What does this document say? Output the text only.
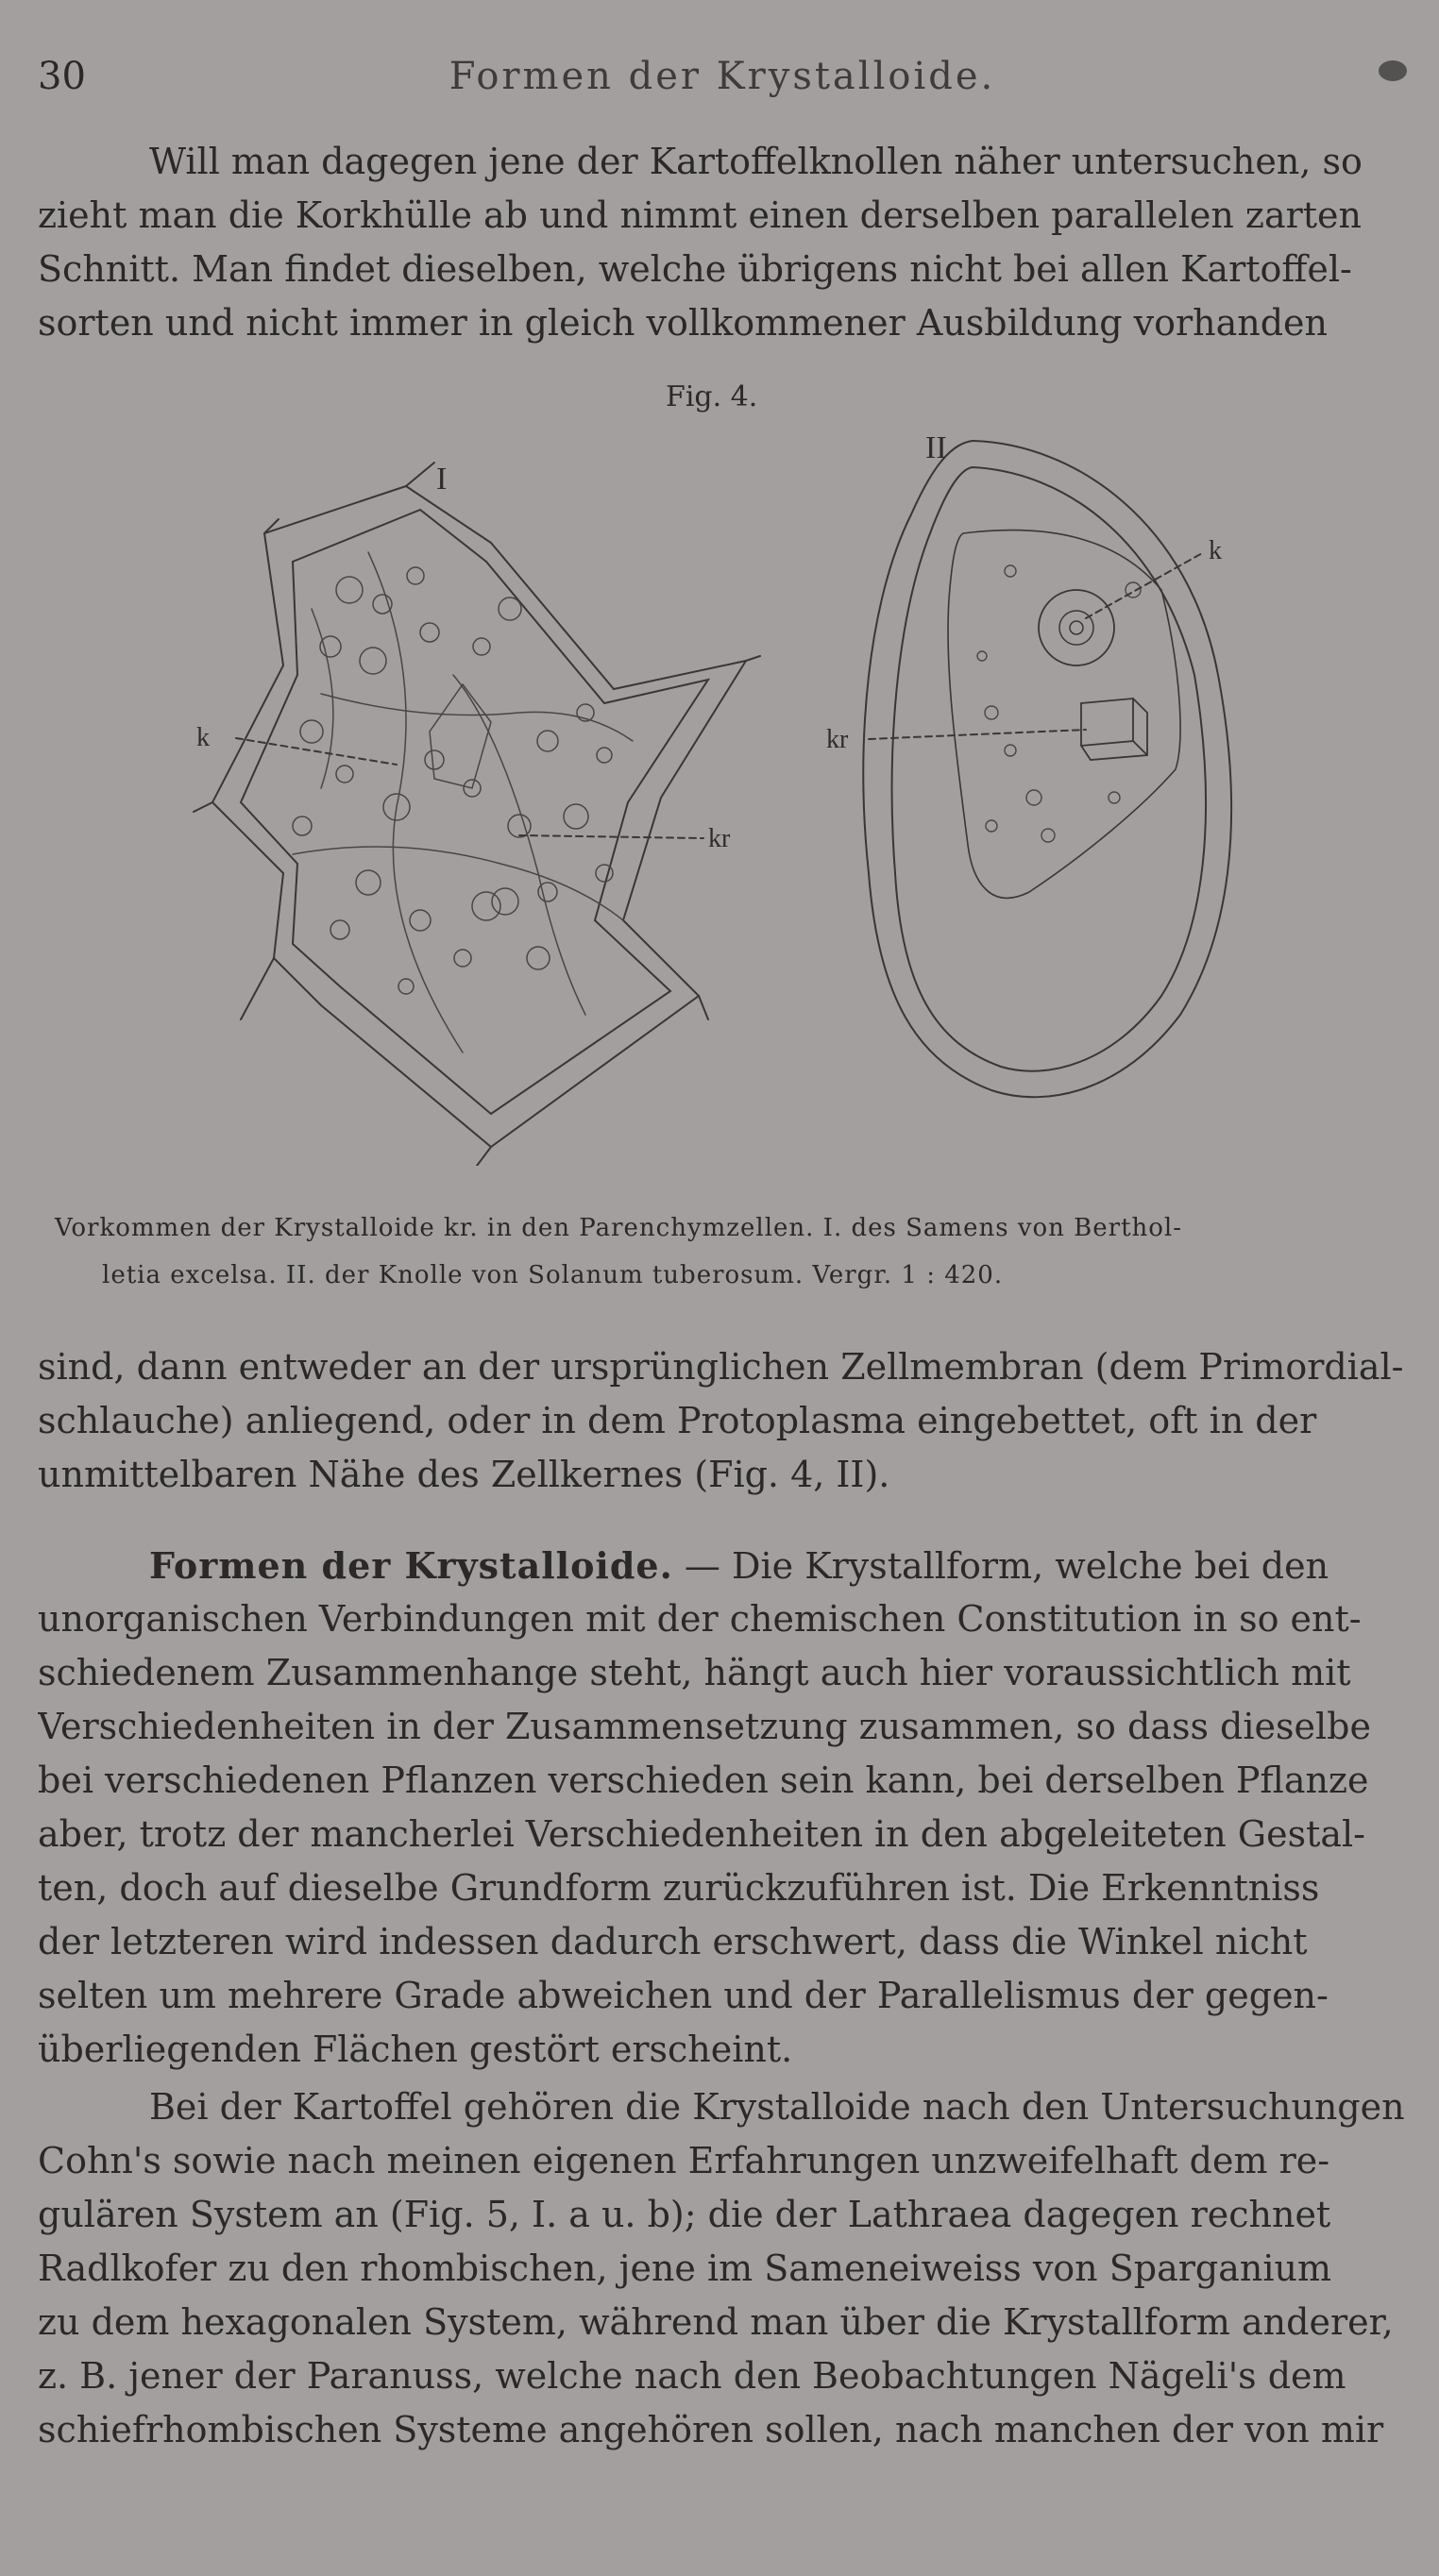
30	Formen der Krystalloide.
Will man dagegen jene der Kartoffelknollen näher untersuchen, so
zieht man die Korkhülle ab und nimmt einen derselben parallelen zarten
Schnitt. Man findet dieselben, welche übrigens nicht bei allen Kartoffel-
sorten und nicht immer in gleich vollkommener Ausbildung vorhanden
Fig. 4.
I
II
k
kr
kr
k
Vorkommen der Krystalloide kr. in den Parenchymzellen. I. des Samens von Berthol-
letia excelsa. II. der Knolle von Solanum tuberosum. Vergr. 1 : 420.
sind, dann entweder an der ursprünglichen Zellmembran (dem Primordial-
schlauche) anliegend, oder in dem Protoplasma eingebettet, oft in der
unmittelbaren Nähe des Zellkernes (Fig. 4, II).
Formen der Krystalloide. — Die Krystallform, welche bei den
unorganischen Verbindungen mit der chemischen Constitution in so ent-
schiedenem Zusammenhange steht, hängt auch hier voraussichtlich mit
Verschiedenheiten in der Zusammensetzung zusammen, so dass dieselbe
bei verschiedenen Pflanzen verschieden sein kann, bei derselben Pflanze
aber, trotz der mancherlei Verschiedenheiten in den abgeleiteten Gestal-
ten, doch auf dieselbe Grundform zurückzuführen ist. Die Erkenntniss
der letzteren wird indessen dadurch erschwert, dass die Winkel nicht
selten um mehrere Grade abweichen und der Parallelismus der gegen-
überliegenden Flächen gestört erscheint.
Bei der Kartoffel gehören die Krystalloide nach den Untersuchungen
Cohn's sowie nach meinen eigenen Erfahrungen unzweifelhaft dem re-
gulären System an (Fig. 5, I. a u. b); die der Lathraea dagegen rechnet
Radlkofer zu den rhombischen, jene im Sameneiweiss von Sparganium
zu dem hexagonalen System, während man über die Krystallform anderer,
z. B. jener der Paranuss, welche nach den Beobachtungen Nägeli's dem
schiefrhombischen Systeme angehören sollen, nach manchen der von mir
